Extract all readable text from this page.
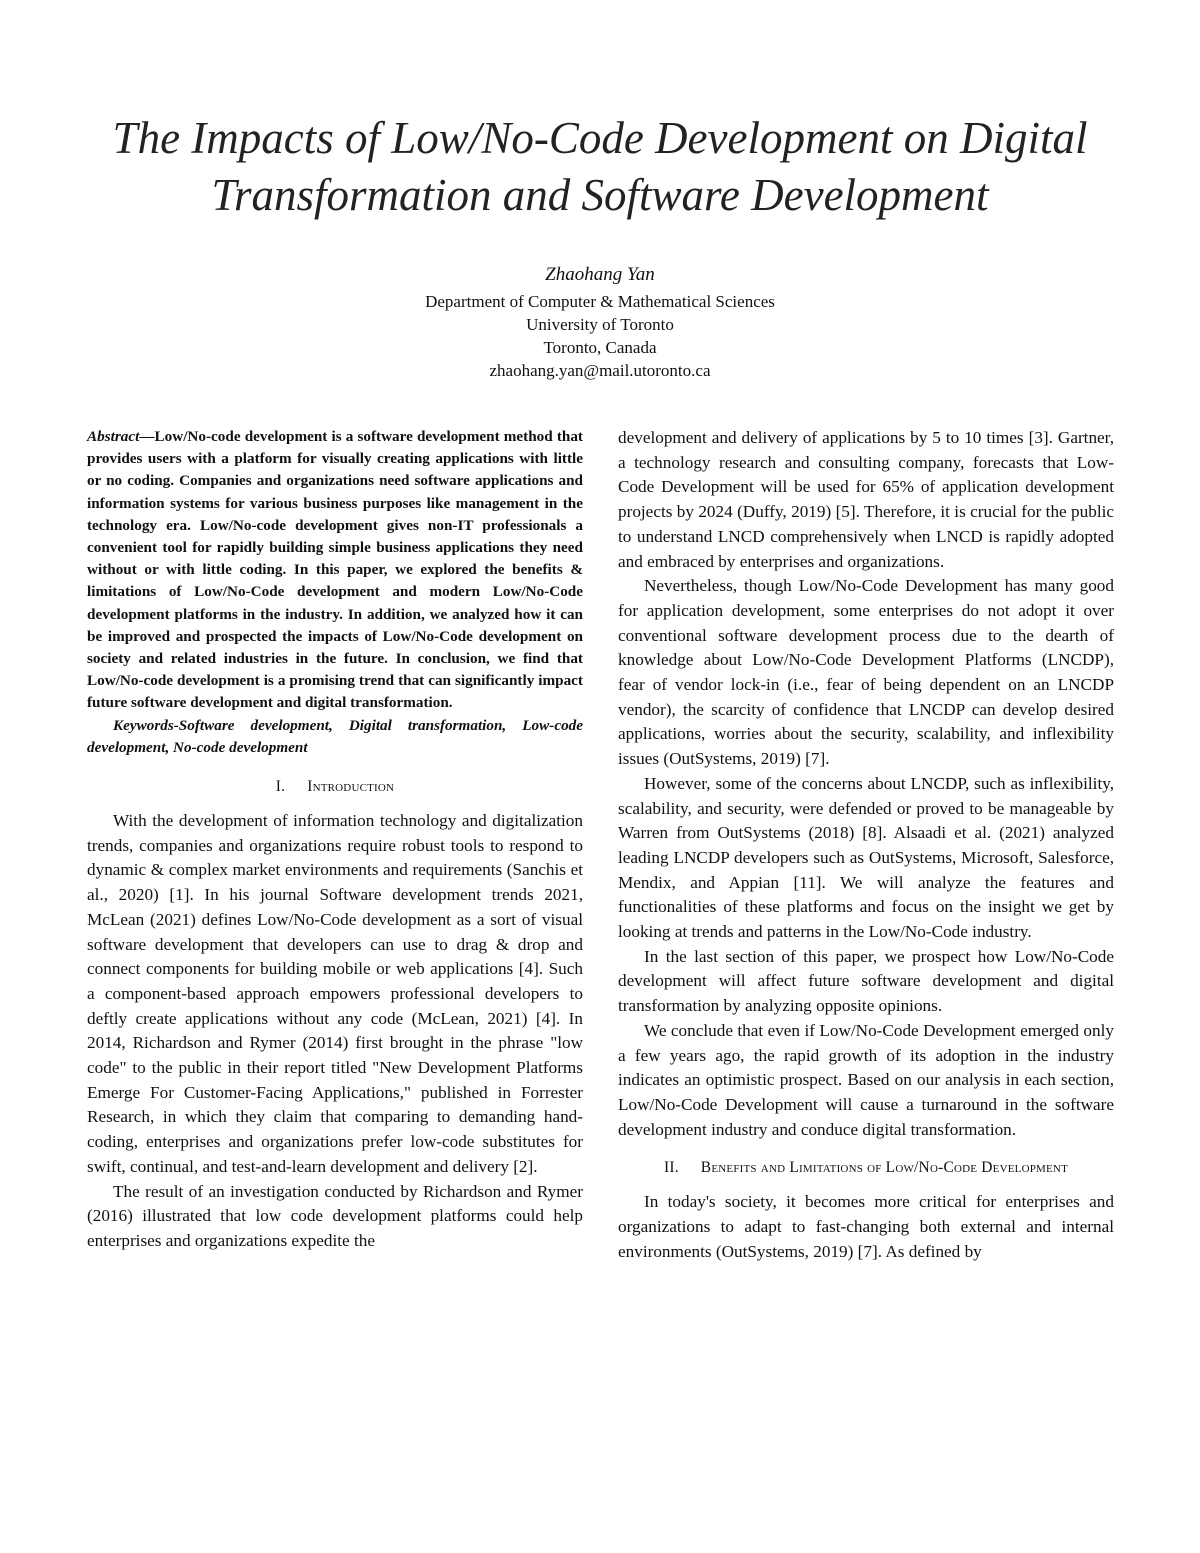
The Impacts of Low/No-Code Development on Digital Transformation and Software Development
Zhaohang Yan
Department of Computer & Mathematical Sciences
University of Toronto
Toronto, Canada
zhaohang.yan@mail.utoronto.ca

Abstract—Low/No-code development is a software development method that provides users with a platform for visually creating applications with little or no coding. Companies and organizations need software applications and information systems for various business purposes like management in the technology era. Low/No-code development gives non-IT professionals a convenient tool for rapidly building simple business applications they need without or with little coding. In this paper, we explored the benefits & limitations of Low/No-Code development and modern Low/No-Code development platforms in the industry. In addition, we analyzed how it can be improved and prospected the impacts of Low/No-Code development on society and related industries in the future. In conclusion, we find that Low/No-code development is a promising trend that can significantly impact future software development and digital transformation.

Keywords-Software development, Digital transformation, Low-code development, No-code development

I. Introduction

With the development of information technology and digitalization trends, companies and organizations require robust tools to respond to dynamic & complex market environments and requirements (Sanchis et al., 2020) [1]. In his journal Software development trends 2021, McLean (2021) defines Low/No-Code development as a sort of visual software development that developers can use to drag & drop and connect components for building mobile or web applications [4]. Such a component-based approach empowers professional developers to deftly create applications without any code (McLean, 2021) [4]. In 2014, Richardson and Rymer (2014) first brought in the phrase "low code" to the public in their report titled "New Development Platforms Emerge For Customer-Facing Applications," published in Forrester Research, in which they claim that comparing to demanding hand-coding, enterprises and organizations prefer low-code substitutes for swift, continual, and test-and-learn development and delivery [2].

The result of an investigation conducted by Richardson and Rymer (2016) illustrated that low code development platforms could help enterprises and organizations expedite the

development and delivery of applications by 5 to 10 times [3]. Gartner, a technology research and consulting company, forecasts that Low-Code Development will be used for 65% of application development projects by 2024 (Duffy, 2019) [5]. Therefore, it is crucial for the public to understand LNCD comprehensively when LNCD is rapidly adopted and embraced by enterprises and organizations.

Nevertheless, though Low/No-Code Development has many good for application development, some enterprises do not adopt it over conventional software development process due to the dearth of knowledge about Low/No-Code Development Platforms (LNCDP), fear of vendor lock-in (i.e., fear of being dependent on an LNCDP vendor), the scarcity of confidence that LNCDP can develop desired applications, worries about the security, scalability, and inflexibility issues (OutSystems, 2019) [7].

However, some of the concerns about LNCDP, such as inflexibility, scalability, and security, were defended or proved to be manageable by Warren from OutSystems (2018) [8]. Alsaadi et al. (2021) analyzed leading LNCDP developers such as OutSystems, Microsoft, Salesforce, Mendix, and Appian [11]. We will analyze the features and functionalities of these platforms and focus on the insight we get by looking at trends and patterns in the Low/No-Code industry.

In the last section of this paper, we prospect how Low/No-Code development will affect future software development and digital transformation by analyzing opposite opinions.

We conclude that even if Low/No-Code Development emerged only a few years ago, the rapid growth of its adoption in the industry indicates an optimistic prospect. Based on our analysis in each section, Low/No-Code Development will cause a turnaround in the software development industry and conduce digital transformation.

II. Benefits and Limitations of Low/No-Code Development

In today's society, it becomes more critical for enterprises and organizations to adapt to fast-changing both external and internal environments (OutSystems, 2019) [7]. As defined by
